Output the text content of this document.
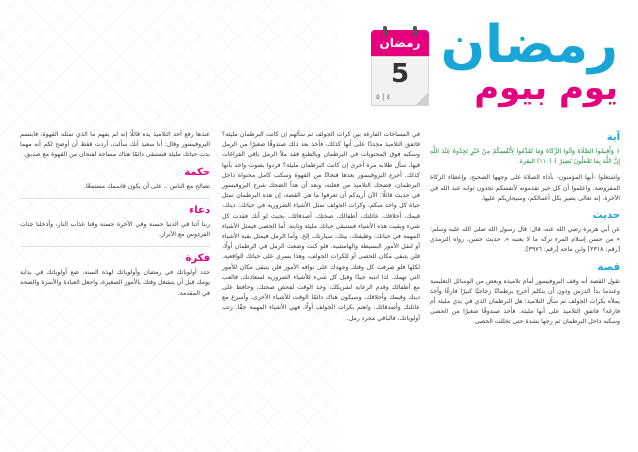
رمضان
يوم بيوم
رمضان
5
٤ | ٥
آية

﴿ وَأَقِيمُوا الصَّلَاةَ وَآتُوا الزَّكَاةَ وَمَا تُقَدِّمُوا لِأَنْفُسِكُمْ مِنْ خَيْرٍ تَجِدُوهُ عِنْدَ اللَّهِ إِنَّ اللَّهَ بِمَا تَعْمَلُونَ بَصِيرٌ ﴾ (١١٠) البقرة.

واشتغلوا -أيها المؤمنون- بأداء الصلاة على وجهها الصحيح، وإعطاء الزكاة المفروضة، واعلموا أن كل خير تقدمونه لأنفسكم تجدون ثوابه عند الله في الآخرة. إنه تعالى بصير بكل أعمالكم، وسيجازيكم عليها.

حديث

عن أبي هريرة رضي الله عنه، قال: قال رسول الله صلى الله عليه وسلم: « من حسن إسلام المرء تركه ما لا يعنيه ». حديث حسن، رواه الترمذي [رقم: ٢٣١٨] وابن ماجه [رقم: ٣٩٧٦].

قصة

تقول القصة أنه وقف البروفيسور أمام تلاميذه وبعض من الوسائل التعليمية وعندما بدأ الدرس ودون أن يتكلم أخرج برطمانًا زجاجيًا كبيرًا فارغًا وأخذ يملأه بكرات الجولف ثم سأل التلاميذ: هل البرطمان الذي في يدي مليئة أم فارغة؟ فاتفق التلاميذ على أنها مليئة. فأخذ صندوقًا صغيرًا من الحصى وسكبه داخل البرطمان ثم رجها بشدة حتى تخللت الحصى

في المساحات الفارغة بين كرات الجولف ثم سألهم إن كانت البرطمان مليئة؟ فاتفق التلاميذ مجددًا على أنها كذلك، فأخذ بعد ذلك صندوقًا صغيرًا من الرمل وسكبه فوق المحتويات في البرطمان وبالطبع فقد ملأ الرمل باقي الفراغات فيها، سأل طلابه مرة أخرى إن كانت البرطمان مليئة؟ فردوا بصوت واحد بأنها كذلك. أخرج البروفيسور بعدها فنجانًا من القهوة وسكب كامل محتواه داخل البرطمان، فضحك التلاميذ من فعلته، وبعد أن هدأ الضحك شرح البروفيسور في حديث قائلًا: الآن أريدكم أن تعرفوا ما هي القصة، إن هذه البرطمان تمثل حياة كل واحد منكم، وكرات الجولف تمثل الأشياء الضرورية في حياتك: دينك، قيمك، أخلاقك، عائلتك، أطفالك، صحتك، أصدقائك، بحيث لو أنك فقدت كل شيء وبقيت هذه الأشياء فستبقى حياتك مليئة وثابتة. أما الحصى فيمثل الأشياء المهمة في حياتك: وظيفتك، بيتك، سيارتك، إلخ. وأما الرمل فيمثل بقية الأشياء أو لنقل الأمور البسيطة والهامشية. فلو كنت وضعت الرمل في الرطمان أولًا، فلن يتبقى مكان للحصى أو للكرات الجولف، وهذا يسري على حياتك الواقعية. لكلها فلو صرفت كل وقتك وجهدك على توافه الأمور فلن يتبقى مكان للأمور التي تهمك. لذا انتبه جيدًا وقبل كل شيء للأشياء الضرورية لسعادتك، فالعب مع أطفالك وقدم الرعاية لشريكك، وخذ الوقت لفحص صحتك، وحافظ على دينك وقيمك وأخلاقك، وسيكون هناك دائمًا الوقت للأشياء الأخرى، وأسرع مع عائلتك وأصدقائك. واهتم بكرات الجولف أولًا، فهي الأشياء المهمة حقًا. رتب أولوياتك، فالباقي مجرد رمل.

عندها رفع أحد التلاميذ يده قائلًا إنه لم يفهم ما الذي تمثله القهوة، فابتسم البروفيسور وقال: أنا سعيد أنك سألت، أردت فقط أن أوضح لكم أنه مهما بدت حياتك مليئة فستبقى دائمًا هناك مساحة لفنجان من القهوة مع صديق.

حكمة

تصالح مع الناس .. على أن يكون قاسمك مستمعًا.

دعاء

ربنا آتنا في الدنيا حسنة وفي الآخرة حسنة وقنا عذاب النار، وأدخلنا جنات الفردوس مع الأبرار.

فكرة

حدد أولوياتك في رمضان وأولوياتك لهذه السنة، ضع أولوياتك في بداية يومك قبل أن ينشغل وقتك بالأمور الصغيرة، واجعل العبادة والأسرة والصحة في المقدمة.
